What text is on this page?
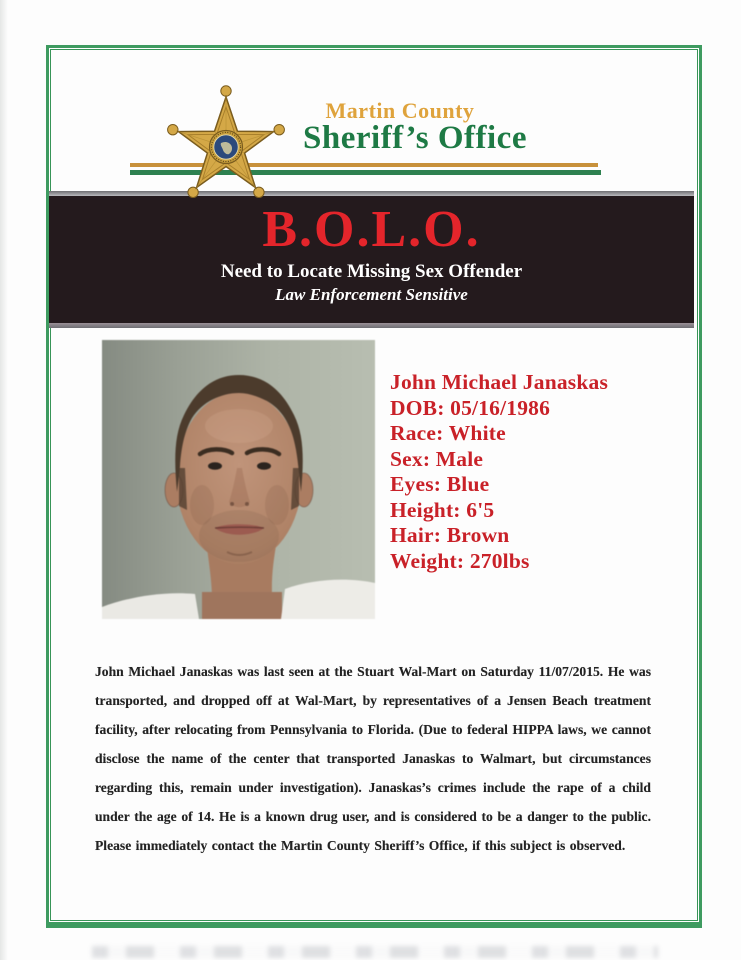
Martin County
Sheriff’s Office
B.O.L.O.
Need to Locate Missing Sex Offender
Law Enforcement Sensitive
John Michael Janaskas
DOB: 05/16/1986
Race: White
Sex: Male
Eyes: Blue
Height: 6'5
Hair: Brown
Weight: 270lbs
John Michael Janaskas was last seen at the Stuart Wal-Mart on Saturday 11/07/2015. He was transported, and dropped off at Wal-Mart, by representatives of a Jensen Beach treatment facility, after relocating from Pennsylvania to Florida. (Due to federal HIPPA laws, we cannot disclose the name of the center that transported Janaskas to Walmart, but circumstances regarding this, remain under investigation). Janaskas’s crimes include the rape of a child under the age of 14. He is a known drug user, and is considered to be a danger to the public. Please immediately contact the Martin County Sheriff’s Office, if this subject is observed.
